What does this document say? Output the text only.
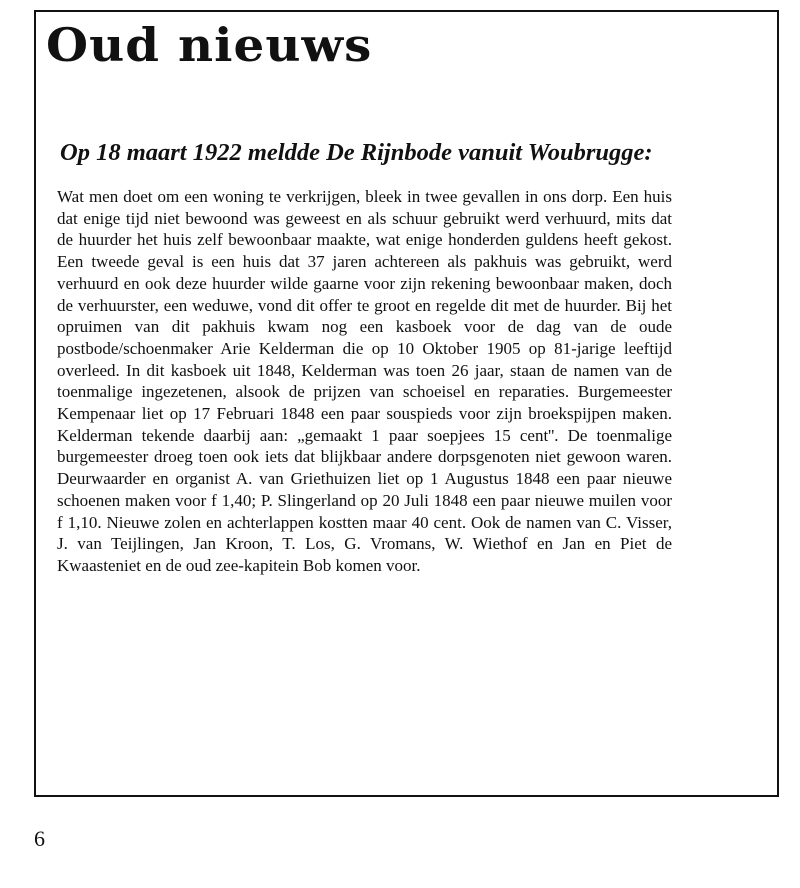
Oud nieuws
Op 18 maart 1922 meldde De Rijnbode vanuit Woubrugge:

Wat men doet om een woning te verkrijgen, bleek in twee gevallen in ons dorp. Een huis dat enige tijd niet bewoond was geweest en als schuur gebruikt werd verhuurd, mits dat de huurder het huis zelf bewoonbaar maakte, wat enige honderden guldens heeft gekost. Een tweede geval is een huis dat 37 jaren achtereen als pakhuis was gebruikt, werd verhuurd en ook deze huurder wilde gaarne voor zijn rekening bewoonbaar maken, doch de verhuurster, een weduwe, vond dit offer te groot en regelde dit met de huurder. Bij het opruimen van dit pakhuis kwam nog een kasboek voor de dag van de oude postbode/schoenmaker Arie Kelderman die op 10 Oktober 1905 op 81-jarige leeftijd overleed. In dit kasboek uit 1848, Kelderman was toen 26 jaar, staan de namen van de toenmalige ingezetenen, alsook de prijzen van schoeisel en reparaties. Burgemeester Kempenaar liet op 17 Februari 1848 een paar souspieds voor zijn broekspijpen maken. Kelderman tekende daarbij aan: „gemaakt 1 paar soepjees 15 cent''. De toenmalige burgemeester droeg toen ook iets dat blijkbaar andere dorpsgenoten niet gewoon waren. Deurwaarder en organist A. van Griethuizen liet op 1 Augustus 1848 een paar nieuwe schoenen maken voor f 1,40; P. Slingerland op 20 Juli 1848 een paar nieuwe muilen voor f 1,10. Nieuwe zolen en achterlappen kostten maar 40 cent. Ook de namen van C. Visser, J. van Teijlingen, Jan Kroon, T. Los, G. Vromans, W. Wiethof en Jan en Piet de Kwaasteniet en de oud zee-kapitein Bob komen voor.

6
